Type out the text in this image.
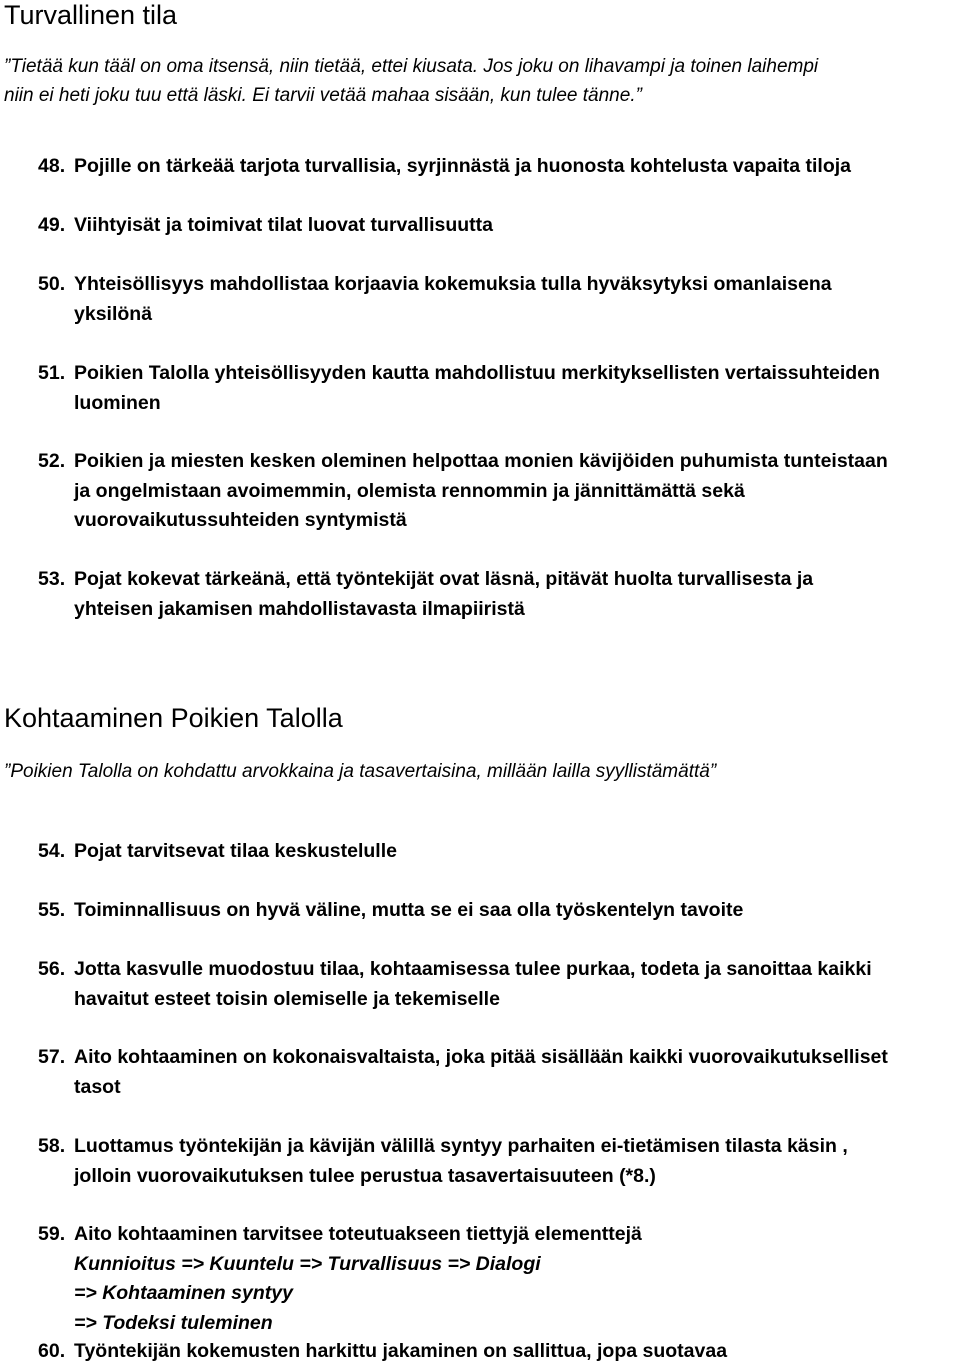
Turvallinen tila
”Tietää kun tääl on oma itsensä, niin tietää, ettei kiusata. Jos joku on lihavampi ja toinen laihempi
niin ei heti joku tuu että läski. Ei tarvii vetää mahaa sisään, kun tulee tänne.”
48. Pojille on tärkeää tarjota turvallisia, syrjinnästä ja huonosta kohtelusta vapaita tiloja
49. Viihtyisät ja toimivat tilat luovat turvallisuutta
50. Yhteisöllisyys mahdollistaa korjaavia kokemuksia tulla hyväksytyksi omanlaisena
yksilönä
51. Poikien Talolla yhteisöllisyyden kautta mahdollistuu merkityksellisten vertaissuhteiden
luominen
52. Poikien ja miesten kesken oleminen helpottaa monien kävijöiden puhumista tunteistaan
ja ongelmistaan avoimemmin, olemista rennommin ja jännittämättä sekä
vuorovaikutussuhteiden syntymistä
53. Pojat kokevat tärkeänä, että työntekijät ovat läsnä, pitävät huolta turvallisesta ja
yhteisen jakamisen mahdollistavasta ilmapiiristä
Kohtaaminen Poikien Talolla
”Poikien Talolla on kohdattu arvokkaina ja tasavertaisina, millään lailla syyllistämättä”
54. Pojat tarvitsevat tilaa keskustelulle
55. Toiminnallisuus on hyvä väline, mutta se ei saa olla työskentelyn tavoite
56. Jotta kasvulle muodostuu tilaa, kohtaamisessa tulee purkaa, todeta ja sanoittaa kaikki
havaitut esteet toisin olemiselle ja tekemiselle
57. Aito kohtaaminen on kokonaisvaltaista, joka pitää sisällään kaikki vuorovaikutukselliset
tasot
58. Luottamus työntekijän ja kävijän välillä syntyy parhaiten ei-tietämisen tilasta käsin ,
jolloin vuorovaikutuksen tulee perustua tasavertaisuuteen (*8.)
59. Aito kohtaaminen tarvitsee toteutuakseen tiettyjä elementtejä
Kunnioitus => Kuuntelu => Turvallisuus => Dialogi
=> Kohtaaminen syntyy
=> Todeksi tuleminen
60. Työntekijän kokemusten harkittu jakaminen on sallittua, jopa suotavaa
